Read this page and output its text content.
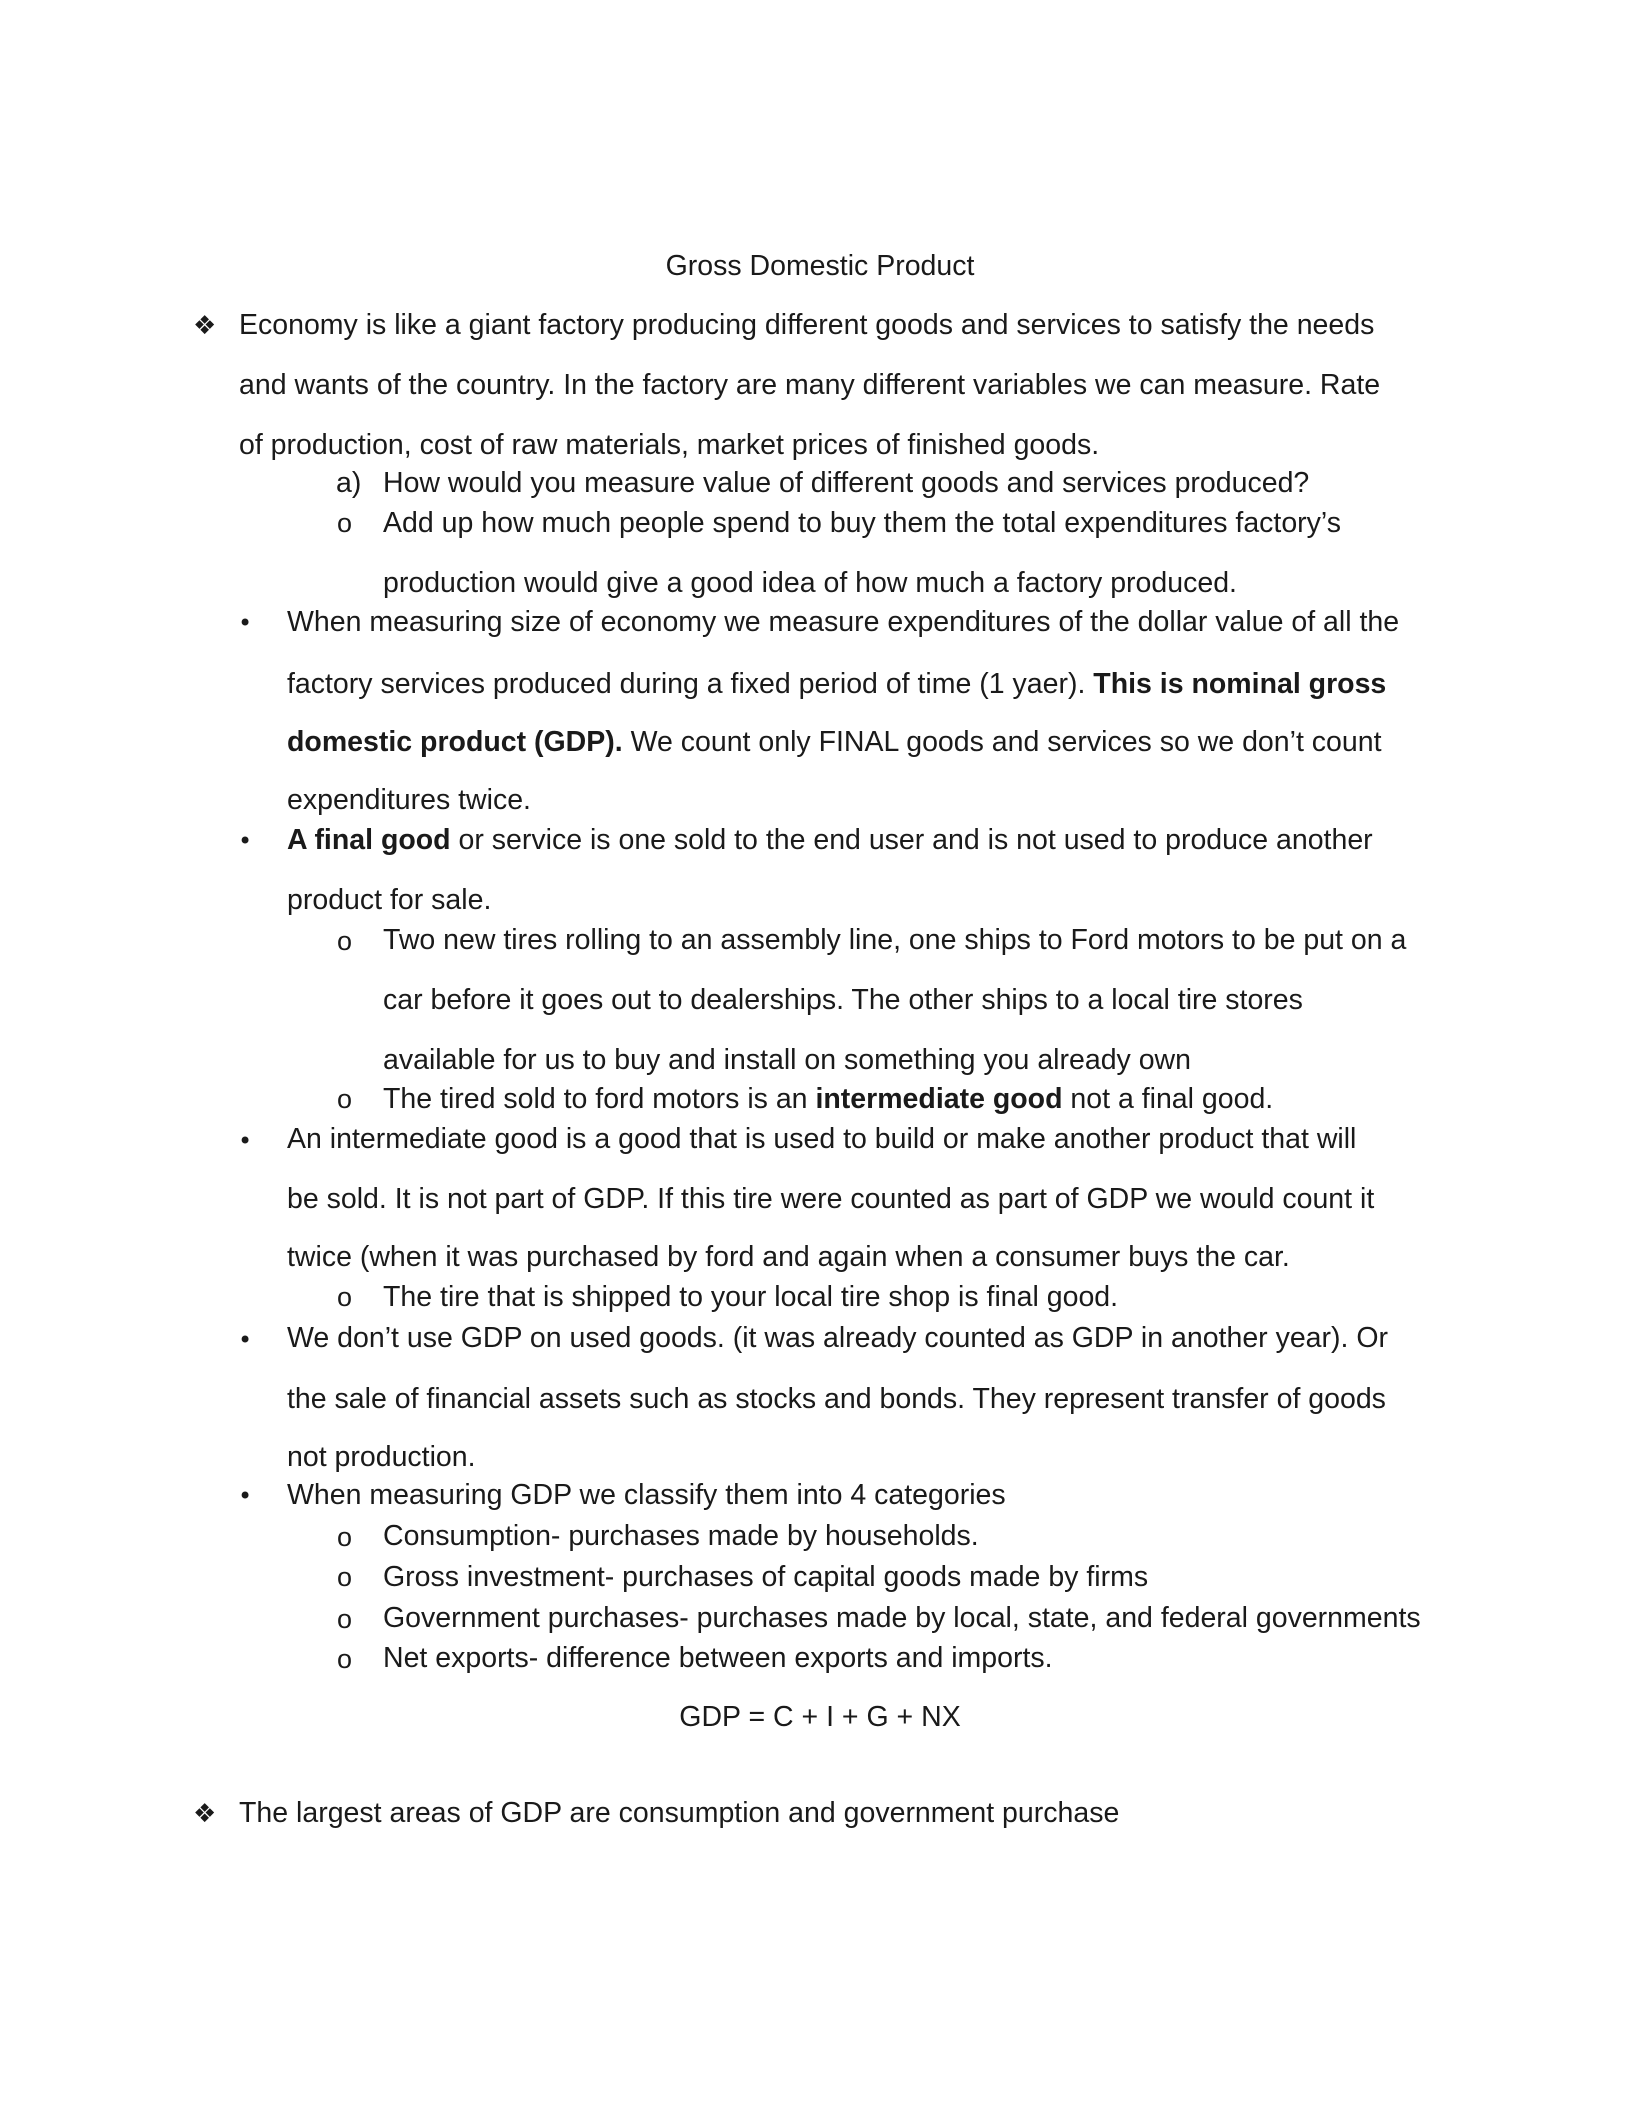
Gross Domestic Product
❖ Economy is like a giant factory producing different goods and services to satisfy the needs
and wants of the country. In the factory are many different variables we can measure. Rate
of production, cost of raw materials, market prices of finished goods.
a) How would you measure value of different goods and services produced?
o Add up how much people spend to buy them the total expenditures factory’s
production would give a good idea of how much a factory produced.
• When measuring size of economy we measure expenditures of the dollar value of all the
factory services produced during a fixed period of time (1 yaer). This is nominal gross
domestic product (GDP). We count only FINAL goods and services so we don’t count
expenditures twice.
• A final good or service is one sold to the end user and is not used to produce another
product for sale.
o Two new tires rolling to an assembly line, one ships to Ford motors to be put on a
car before it goes out to dealerships. The other ships to a local tire stores
available for us to buy and install on something you already own
o The tired sold to ford motors is an intermediate good not a final good.
• An intermediate good is a good that is used to build or make another product that will
be sold. It is not part of GDP. If this tire were counted as part of GDP we would count it
twice (when it was purchased by ford and again when a consumer buys the car.
o The tire that is shipped to your local tire shop is final good.
• We don’t use GDP on used goods. (it was already counted as GDP in another year). Or
the sale of financial assets such as stocks and bonds. They represent transfer of goods
not production.
• When measuring GDP we classify them into 4 categories
o Consumption- purchases made by households.
o Gross investment- purchases of capital goods made by firms
o Government purchases- purchases made by local, state, and federal governments
o Net exports- difference between exports and imports.
GDP = C + I + G + NX
❖ The largest areas of GDP are consumption and government purchase
